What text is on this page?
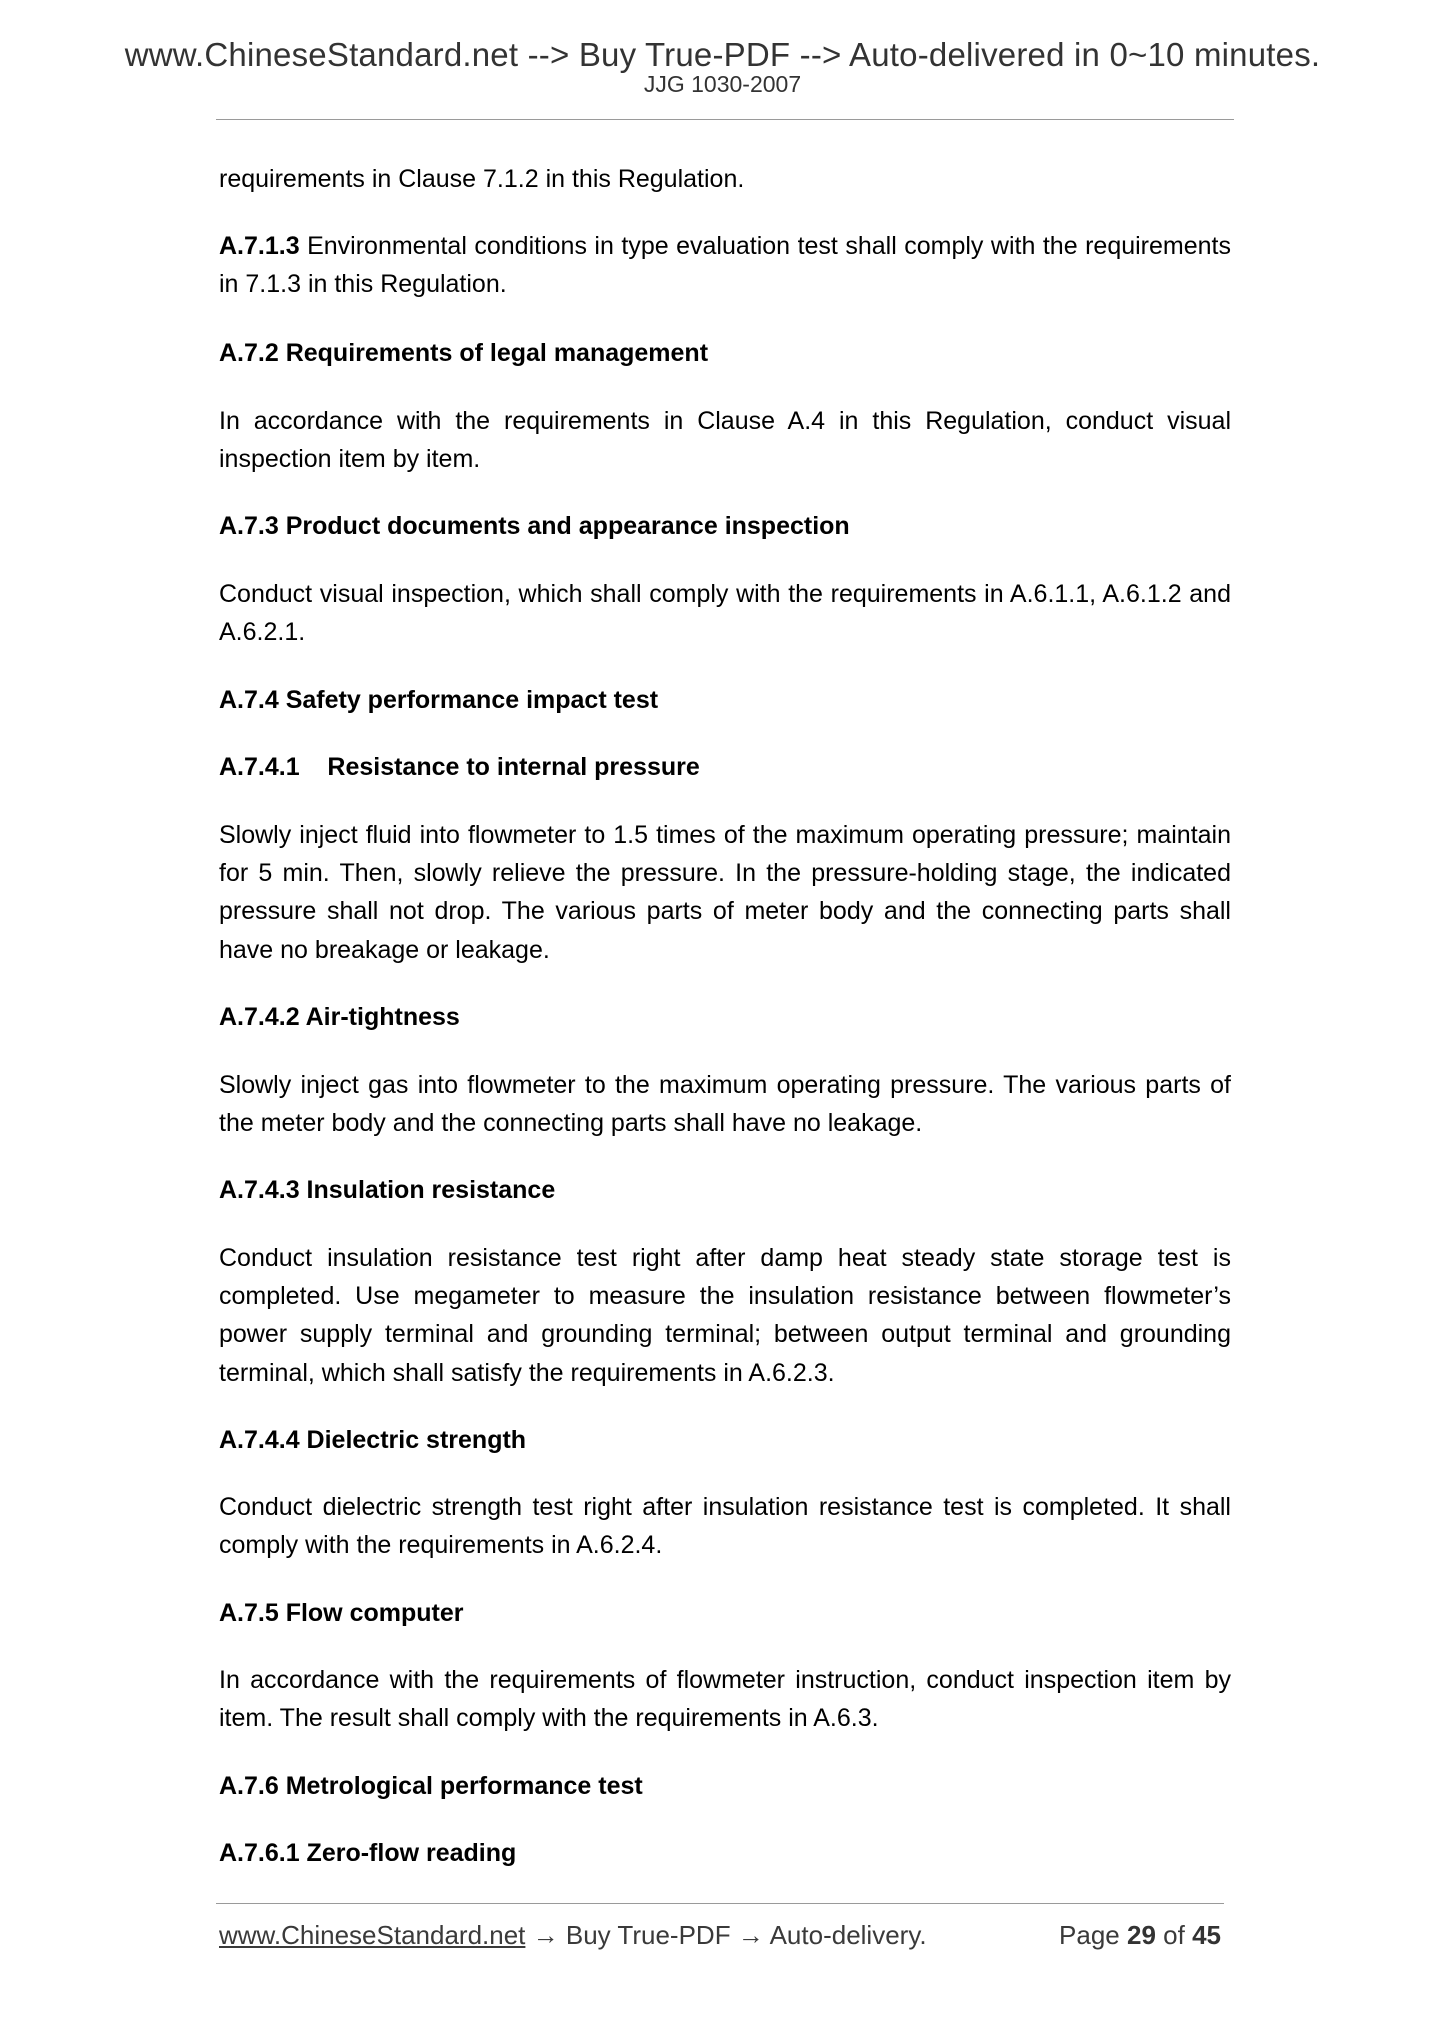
www.ChineseStandard.net --> Buy True-PDF --> Auto-delivered in 0~10 minutes.
JJG 1030-2007

requirements in Clause 7.1.2 in this Regulation.

A.7.1.3 Environmental conditions in type evaluation test shall comply with the requirements in 7.1.3 in this Regulation.

A.7.2 Requirements of legal management

In accordance with the requirements in Clause A.4 in this Regulation, conduct visual inspection item by item.

A.7.3 Product documents and appearance inspection

Conduct visual inspection, which shall comply with the requirements in A.6.1.1, A.6.1.2 and A.6.2.1.

A.7.4 Safety performance impact test

A.7.4.1    Resistance to internal pressure

Slowly inject fluid into flowmeter to 1.5 times of the maximum operating pressure; maintain for 5 min. Then, slowly relieve the pressure. In the pressure-holding stage, the indicated pressure shall not drop. The various parts of meter body and the connecting parts shall have no breakage or leakage.

A.7.4.2 Air-tightness

Slowly inject gas into flowmeter to the maximum operating pressure. The various parts of the meter body and the connecting parts shall have no leakage.

A.7.4.3 Insulation resistance

Conduct insulation resistance test right after damp heat steady state storage test is completed. Use megameter to measure the insulation resistance between flowmeter’s power supply terminal and grounding terminal; between output terminal and grounding terminal, which shall satisfy the requirements in A.6.2.3.

A.7.4.4 Dielectric strength

Conduct dielectric strength test right after insulation resistance test is completed. It shall comply with the requirements in A.6.2.4.

A.7.5 Flow computer

In accordance with the requirements of flowmeter instruction, conduct inspection item by item. The result shall comply with the requirements in A.6.3.

A.7.6 Metrological performance test

A.7.6.1 Zero-flow reading

www.ChineseStandard.net → Buy True-PDF → Auto-delivery.	Page 29 of 45
